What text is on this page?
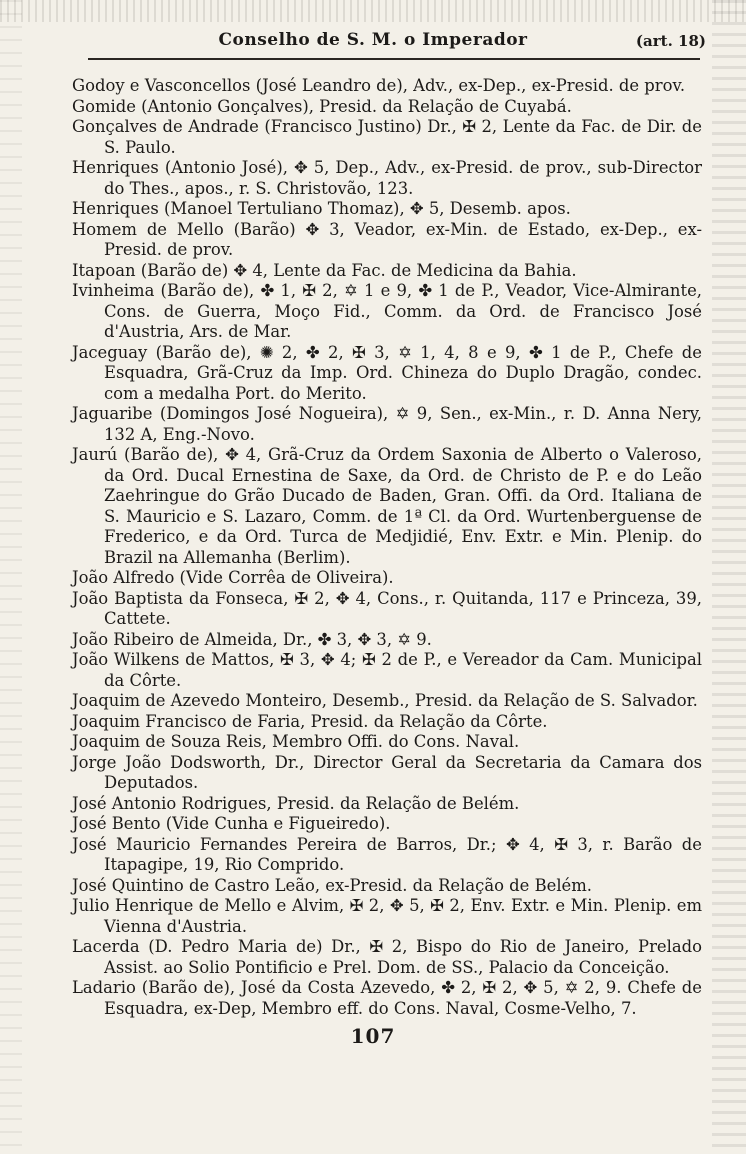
Conselho de S. M. o Imperador	(art. 18)
Godoy e Vasconcellos (José Leandro de), Adv., ex-Dep., ex-Presid. de prov.
Gomide (Antonio Gonçalves), Presid. da Relação de Cuyabá.
Gonçalves de Andrade (Francisco Justino) Dr., ✠ 2, Lente da Fac. de Dir. de S. Paulo.
Henriques (Antonio José), ✥ 5, Dep., Adv., ex-Presid. de prov., sub-Director do Thes., apos., r. S. Christovão, 123.
Henriques (Manoel Tertuliano Thomaz), ✥ 5, Desemb. apos.
Homem de Mello (Barão) ✥ 3, Veador, ex-Min. de Estado, ex-Dep., ex-Presid. de prov.
Itapoan (Barão de) ✥ 4, Lente da Fac. de Medicina da Bahia.
Ivinheima (Barão de), ✤ 1, ✠ 2, ✡ 1 e 9, ✤ 1 de P., Veador, Vice-Almirante, Cons. de Guerra, Moço Fid., Comm. da Ord. de Francisco José d'Austria, Ars. de Mar.
Jaceguay (Barão de), ✺ 2, ✤ 2, ✠ 3, ✡ 1, 4, 8 e 9, ✤ 1 de P., Chefe de Esquadra, Grã-Cruz da Imp. Ord. Chineza do Duplo Dragão, condec. com a medalha Port. do Merito.
Jaguaribe (Domingos José Nogueira), ✡ 9, Sen., ex-Min., r. D. Anna Nery, 132 A, Eng.-Novo.
Jaurú (Barão de), ✥ 4, Grã-Cruz da Ordem Saxonia de Alberto o Valeroso, da Ord. Ducal Ernestina de Saxe, da Ord. de Christo de P. e do Leão Zaehringue do Grão Ducado de Baden, Gran. Offi. da Ord. Italiana de S. Mauricio e S. Lazaro, Comm. de 1ª Cl. da Ord. Wurtenberguense de Frederico, e da Ord. Turca de Medjidié, Env. Extr. e Min. Plenip. do Brazil na Allemanha (Berlim).
João Alfredo (Vide Corrêa de Oliveira).
João Baptista da Fonseca, ✠ 2, ✥ 4, Cons., r. Quitanda, 117 e Princeza, 39, Cattete.
João Ribeiro de Almeida, Dr., ✤ 3, ✥ 3, ✡ 9.
João Wilkens de Mattos, ✠ 3, ✥ 4; ✠ 2 de P., e Vereador da Cam. Municipal da Côrte.
Joaquim de Azevedo Monteiro, Desemb., Presid. da Relação de S. Salvador.
Joaquim Francisco de Faria, Presid. da Relação da Côrte.
Joaquim de Souza Reis, Membro Offi. do Cons. Naval.
Jorge João Dodsworth, Dr., Director Geral da Secretaria da Camara dos Deputados.
José Antonio Rodrigues, Presid. da Relação de Belém.
José Bento (Vide Cunha e Figueiredo).
José Mauricio Fernandes Pereira de Barros, Dr.; ✥ 4, ✠ 3, r. Barão de Itapagipe, 19, Rio Comprido.
José Quintino de Castro Leão, ex-Presid. da Relação de Belém.
Julio Henrique de Mello e Alvim, ✠ 2, ✥ 5, ✠ 2, Env. Extr. e Min. Plenip. em Vienna d'Austria.
Lacerda (D. Pedro Maria de) Dr., ✠ 2, Bispo do Rio de Janeiro, Prelado Assist. ao Solio Pontificio e Prel. Dom. de SS., Palacio da Conceição.
Ladario (Barão de), José da Costa Azevedo, ✤ 2, ✠ 2, ✥ 5, ✡ 2, 9. Chefe de Esquadra, ex-Dep, Membro eff. do Cons. Naval, Cosme-Velho, 7.
107
